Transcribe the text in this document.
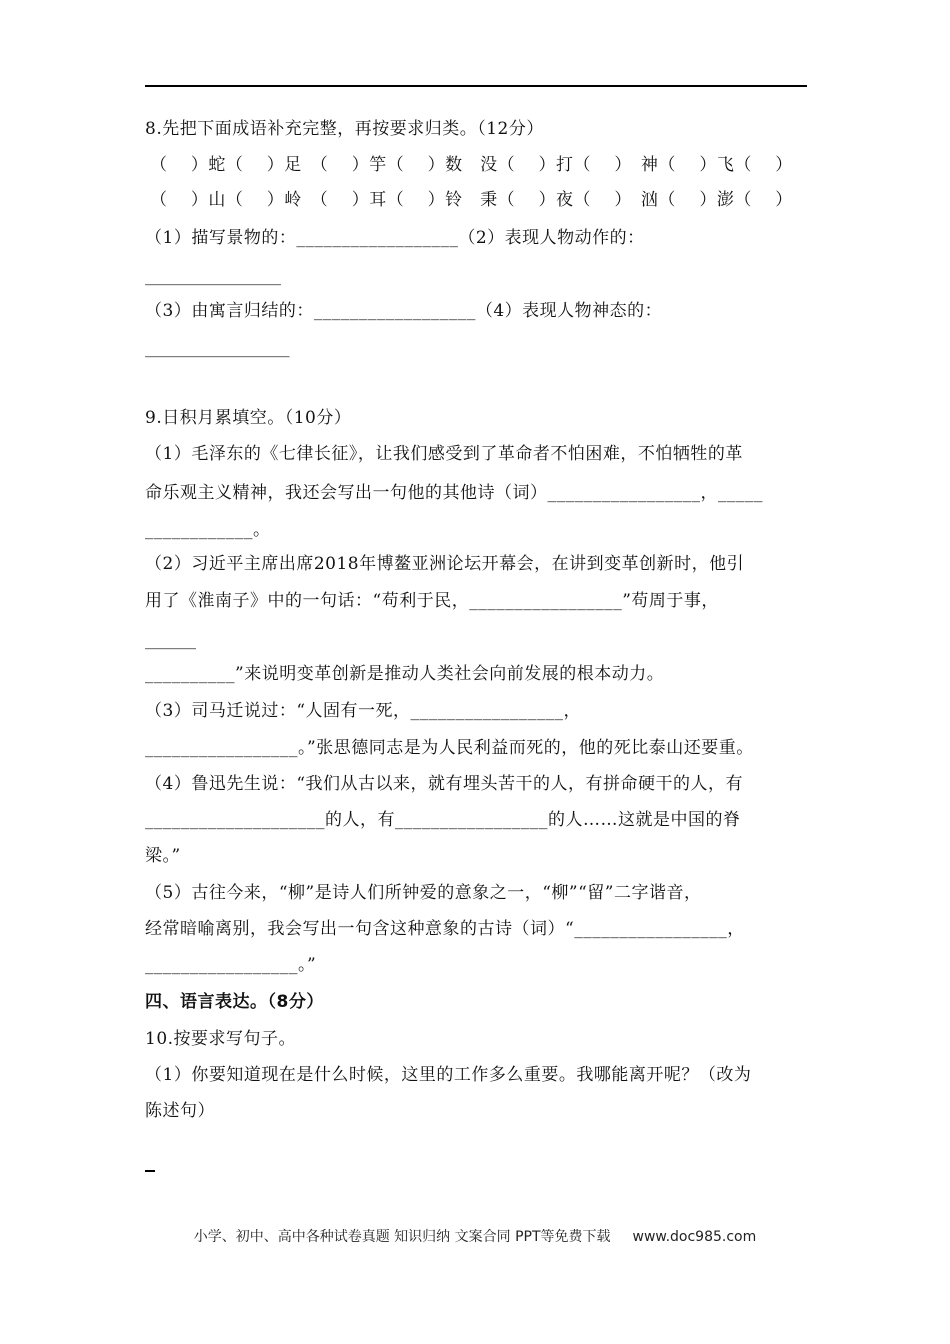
8.先把下面成语补充完整，再按要求归类。（12分）
（　 ）蛇（　 ）足　（　 ）竽（　 ）数　没（　 ）打（　 ）　神（　 ）飞（　 ）
（　 ）山（　 ）岭　（　 ）耳（　 ）铃　秉（　 ）夜（　 ）　汹（　 ）澎（　 ）
（1）描写景物的：__________________（2）表现人物动作的：
________________
（3）由寓言归结的：__________________（4）表现人物神态的：
_________________
9.日积月累填空。（10分）
（1）毛泽东的《七律长征》，让我们感受到了革命者不怕困难，不怕牺牲的革
命乐观主义精神，我还会写出一句他的其他诗（词）_________________，_____
____________。
（2）习近平主席出席2018年博鳌亚洲论坛开幕会，在讲到变革创新时，他引
用了《淮南子》中的一句话：“苟利于民，_________________”苟周于事，
______
__________”来说明变革创新是推动人类社会向前发展的根本动力。
（3）司马迁说过：“人固有一死，_________________，
_________________。”张思德同志是为人民利益而死的，他的死比泰山还要重。
（4）鲁迅先生说：“我们从古以来，就有埋头苦干的人，有拼命硬干的人，有
____________________的人，有_________________的人……这就是中国的脊
梁。”
（5）古往今来，“柳”是诗人们所钟爱的意象之一，“柳”“留”二字谐音，
经常暗喻离别，我会写出一句含这种意象的古诗（词）“_________________，
_________________。”
四、语言表达。（8分）
10.按要求写句子。
（1）你要知道现在是什么时候，这里的工作多么重要。我哪能离开呢？（改为
陈述句）
小学、初中、高中各种试卷真题 知识归纳 文案合同 PPT等免费下载 www.doc985.com
